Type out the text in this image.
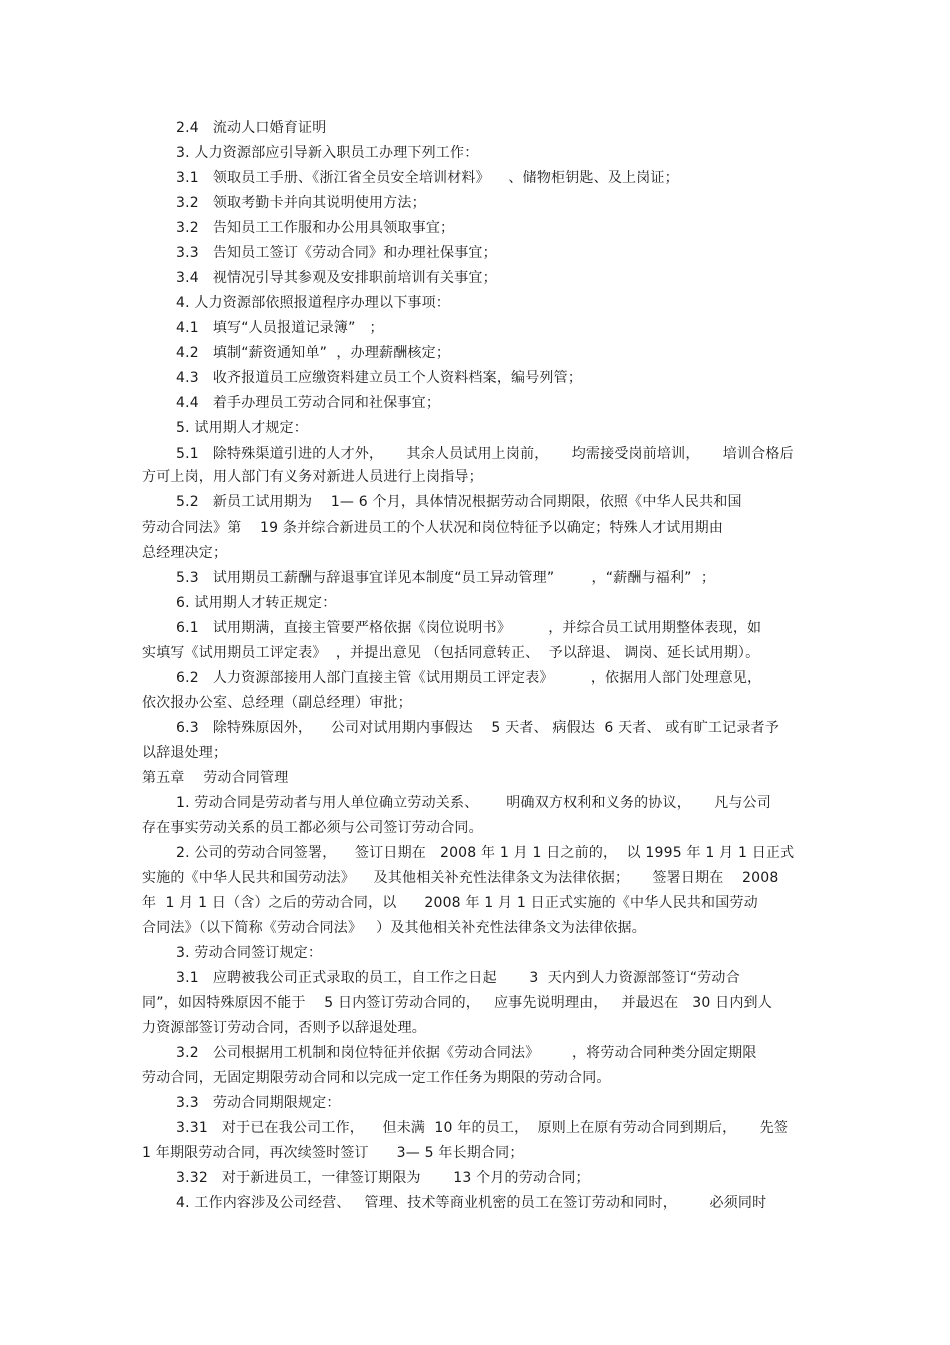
2.4   流动人口婚育证明
3. 人力资源部应引导新入职员工办理下列工作：
3.1   领取员工手册、《浙江省全员安全培训材料》    、储物柜钥匙、及上岗证；
3.2   领取考勤卡并向其说明使用方法；
3.2   告知员工工作服和办公用具领取事宜；
3.3   告知员工签订《劳动合同》和办理社保事宜；
3.4   视情况引导其参观及安排职前培训有关事宜；
4. 人力资源部依照报道程序办理以下事项：
4.1   填写“人员报道记录簿”   ；
4.2   填制“薪资通知单”  ，办理薪酬核定；
4.3   收齐报道员工应缴资料建立员工个人资料档案，编号列管；
4.4   着手办理员工劳动合同和社保事宜；
5. 试用期人才规定：
5.1   除特殊渠道引进的人才外，     其余人员试用上岗前，     均需接受岗前培训，     培训合格后
方可上岗，用人部门有义务对新进人员进行上岗指导；
5.2   新员工试用期为    1— 6 个月，具体情况根据劳动合同期限，依照《中华人民共和国
劳动合同法》第    19 条并综合新进员工的个人状况和岗位特征予以确定；特殊人才试用期由
总经理决定；
5.3   试用期员工薪酬与辞退事宜详见本制度“员工异动管理”        ，“薪酬与福利”  ；
6. 试用期人才转正规定：
6.1   试用期满，直接主管要严格依据《岗位说明书》        ，并综合员工试用期整体表现，如
实填写《试用期员工评定表》  ，并提出意见 （包括同意转正、  予以辞退、 调岗、延长试用期）。
6.2   人力资源部接用人部门直接主管《试用期员工评定表》        ，依据用人部门处理意见，
依次报办公室、总经理（副总经理）审批；
6.3   除特殊原因外，    公司对试用期内事假达    5 天者、 病假达  6 天者、 或有旷工记录者予
以辞退处理；
第五章    劳动合同管理
1. 劳动合同是劳动者与用人单位确立劳动关系、      明确双方权利和义务的协议，     凡与公司
存在事实劳动关系的员工都必须与公司签订劳动合同。
2. 公司的劳动合同签署，    签订日期在   2008 年 1 月 1 日之前的，  以 1995 年 1 月 1 日正式
实施的《中华人民共和国劳动法》    及其他相关补充性法律条文为法律依据；     签署日期在    2008
年  1 月 1 日（含）之后的劳动合同，以      2008 年 1 月 1 日正式实施的《中华人民共和国劳动
合同法》（以下简称《劳动合同法》   ）及其他相关补充性法律条文为法律依据。
3. 劳动合同签订规定：
3.1   应聘被我公司正式录取的员工，自工作之日起       3  天内到人力资源部签订“劳动合
同”，如因特殊原因不能于    5 日内签订劳动合同的，   应事先说明理由，   并最迟在   30 日内到人
力资源部签订劳动合同，否则予以辞退处理。
3.2   公司根据用工机制和岗位特征并依据《劳动合同法》       ，将劳动合同种类分固定期限
劳动合同，无固定期限劳动合同和以完成一定工作任务为期限的劳动合同。
3.3   劳动合同期限规定：
3.31   对于已在我公司工作，    但未满  10 年的员工，  原则上在原有劳动合同到期后，     先签
1 年期限劳动合同，再次续签时签订      3— 5 年长期合同；
3.32   对于新进员工，一律签订期限为       13 个月的劳动合同；
4. 工作内容涉及公司经营、   管理、技术等商业机密的员工在签订劳动和同时，       必须同时
